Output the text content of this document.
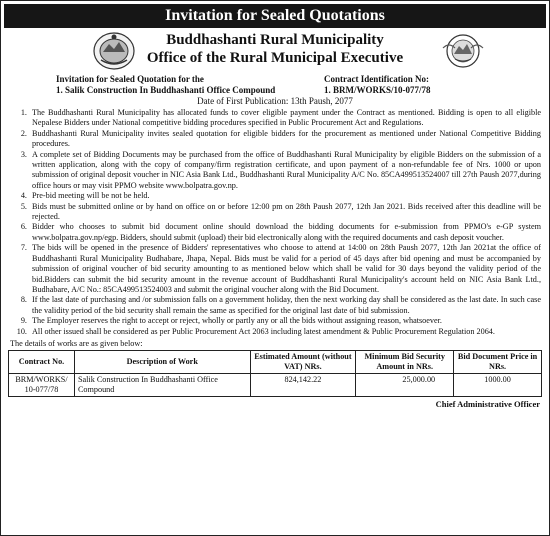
Invitation for Sealed Quotations
Buddhashanti Rural Municipality
Office of the Rural Municipal Executive
Invitation for Sealed Quotation for the
1. Salik Construction In Buddhashanti Office Compound
Contract Identification No:
1. BRM/WORKS/10-077/78
Date of First Publication: 13th Paush, 2077
1. The Buddhashanti Rural Municipality has allocated funds to cover eligible payment under the Contract as mentioned. Bidding is open to all eligible Nepalese Bidders under National competitive bidding procedures specified in Public Procurement Act and Regulations.
2. Buddhashanti Rural Municipality invites sealed quotation for eligible bidders for the procurement as mentioned under National Competitive Bidding procedures.
3. A complete set of Bidding Documents may be purchased from the office of Buddhashanti Rural Municipality by eligible Bidders on the submission of a written application, along with the copy of company/firm registration certificate, and upon payment of a non-refundable fee of Nrs. 1000 or upon submission of original deposit voucher in NIC Asia Bank Ltd., Buddhashanti Rural Municipality A/C No. 85CA499513524007 till 27th Paush 2077,during office hours or may visit PPMO website www.bolpatra.gov.np.
4. Pre-bid meeting will be not be held.
5. Bids must be submitted online or by hand on office on or before 12:00 pm on 28th Paush 2077, 12th Jan 2021. Bids received after this deadline will be rejected.
6. Bidder who chooses to submit bid document online should download the bidding documents for e-submission from PPMO's e-GP system www.bolpatra.gov.np/egp. Bidders, should submit (upload) their bid electronically along with the required documents and cash deposit voucher.
7. The bids will be opened in the presence of Bidders' representatives who choose to attend at 14:00 on 28th Paush 2077, 12th Jan 2021at the office of Buddhashanti Rural Municipality Budhabare, Jhapa, Nepal. Bids must be valid for a period of 45 days after bid opening and must be accompanied by submission of original voucher of bid security amounting to as mentioned below which shall be valid for 30 days beyond the validity period of the bid.Bidders can submit the bid security amount in the revenue account of Buddhashanti Rural Municipality's account held on NIC Asia Bank Ltd., Budhabare, A/C No.: 85CA499513524003 and submit the original voucher along with the Bid Document.
8. If the last date of purchasing and /or submission falls on a government holiday, then the next working day shall be considered as the last date. In such case the validity period of the bid security shall remain the same as specified for the original last date of bid submission.
9. The Employer reserves the right to accept or reject, wholly or partly any or all the bids without assigning reason, whatsoever.
10. All other issued shall be considered as per Public Procurement Act 2063 including latest amendment & Public Procurement Regulation 2064.
The details of works are as given below:
Contract No.	Description of Work	Estimated Amount (without VAT) NRs.	Minimum Bid Security Amount in NRs.	Bid Document Price in NRs.
BRM/WORKS/ 10-077/78	Salik Construction In Buddhashanti Office Compound	824,142.22	25,000.00	1000.00
Chief Administrative Officer
